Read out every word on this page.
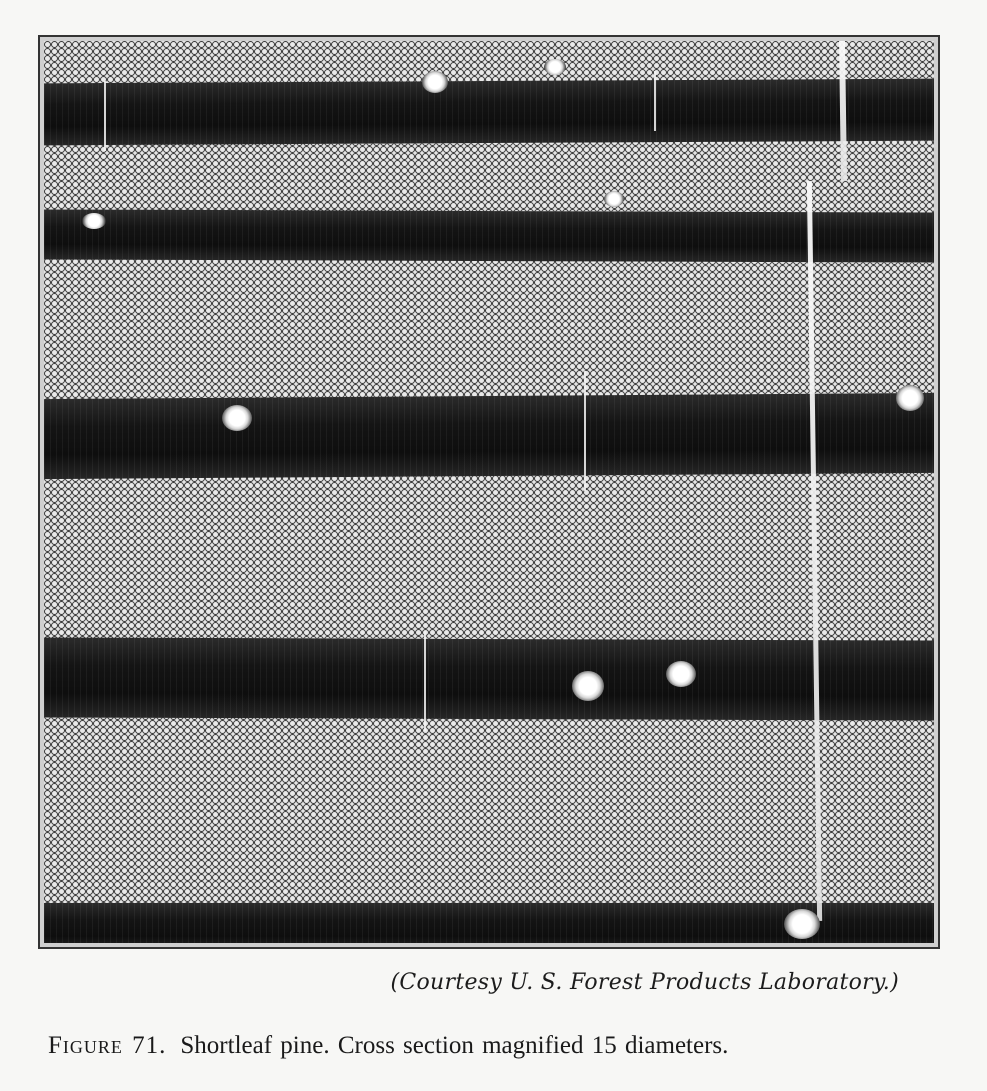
(Courtesy U. S. Forest Products Laboratory.)
Figure 71. Shortleaf pine. Cross section magnified 15 diameters.
